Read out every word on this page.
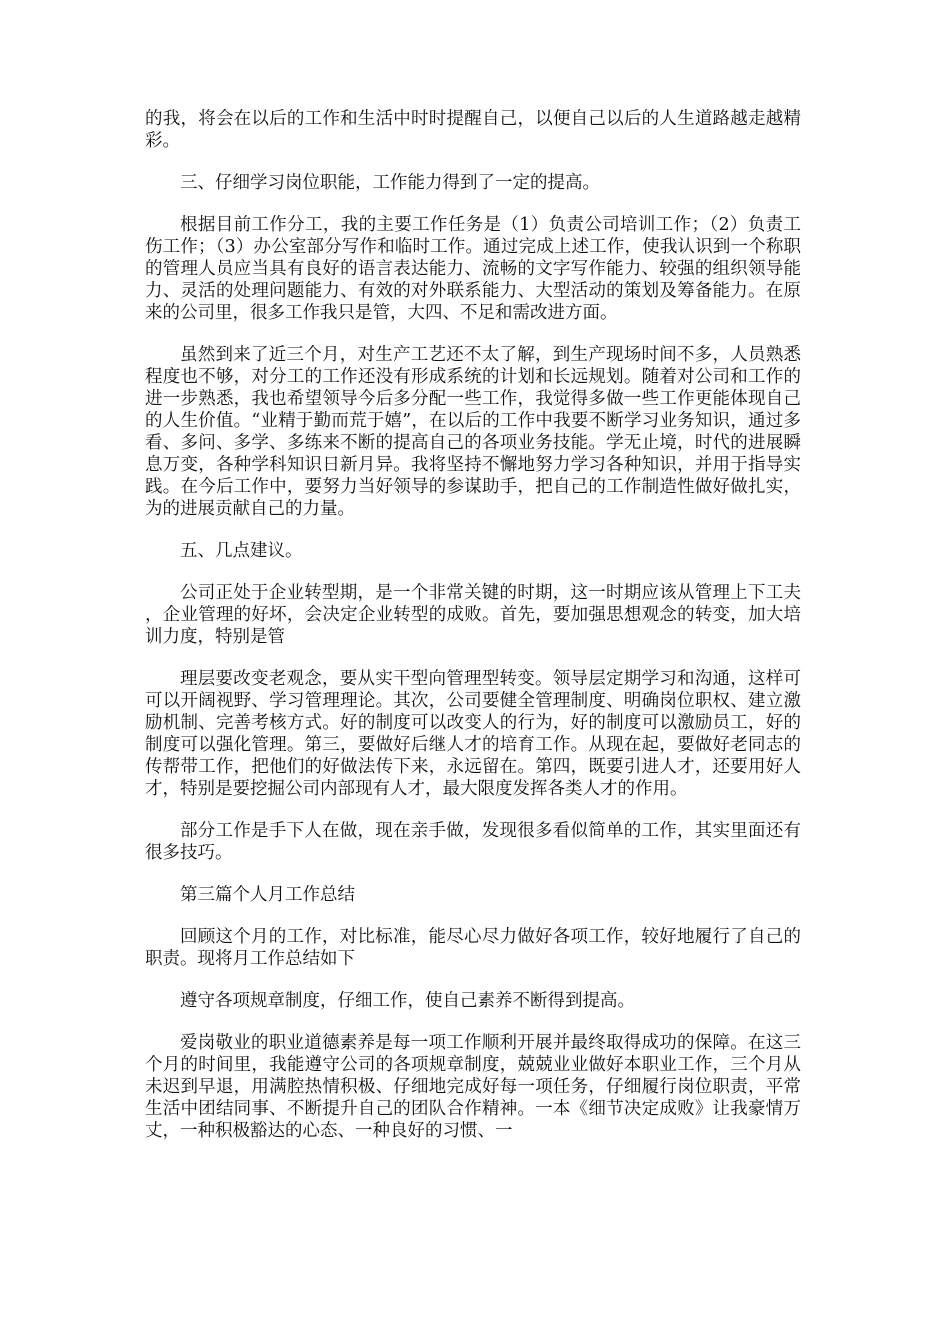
的我，将会在以后的工作和生活中时时提醒自己，以便自己以后的人生道路越走越精彩。

三、仔细学习岗位职能，工作能力得到了一定的提高。

根据目前工作分工，我的主要工作任务是（1）负责公司培训工作；（2）负责工伤工作；（3）办公室部分写作和临时工作。通过完成上述工作，使我认识到一个称职的管理人员应当具有良好的语言表达能力、流畅的文字写作能力、较强的组织领导能力、灵活的处理问题能力、有效的对外联系能力、大型活动的策划及筹备能力。在原来的公司里，很多工作我只是管，大四、不足和需改进方面。

虽然到来了近三个月，对生产工艺还不太了解，到生产现场时间不多，人员熟悉程度也不够，对分工的工作还没有形成系统的计划和长远规划。随着对公司和工作的进一步熟悉，我也希望领导今后多分配一些工作，我觉得多做一些工作更能体现自己的人生价值。“业精于勤而荒于嬉”，在以后的工作中我要不断学习业务知识，通过多看、多问、多学、多练来不断的提高自己的各项业务技能。学无止境，时代的进展瞬息万变，各种学科知识日新月异。我将坚持不懈地努力学习各种知识，并用于指导实践。在今后工作中，要努力当好领导的参谋助手，把自己的工作制造性做好做扎实，为的进展贡献自己的力量。

五、几点建议。

公司正处于企业转型期，是一个非常关键的时期，这一时期应该从管理上下工夫，企业管理的好坏，会决定企业转型的成败。首先，要加强思想观念的转变，加大培训力度，特别是管

理层要改变老观念，要从实干型向管理型转变。领导层定期学习和沟通，这样可可以开阔视野、学习管理理论。其次，公司要健全管理制度、明确岗位职权、建立激励机制、完善考核方式。好的制度可以改变人的行为，好的制度可以激励员工，好的制度可以强化管理。第三，要做好后继人才的培育工作。从现在起，要做好老同志的传帮带工作，把他们的好做法传下来，永远留在。第四，既要引进人才，还要用好人才，特别是要挖掘公司内部现有人才，最大限度发挥各类人才的作用。

部分工作是手下人在做，现在亲手做，发现很多看似简单的工作，其实里面还有很多技巧。

第三篇个人月工作总结

回顾这个月的工作，对比标准，能尽心尽力做好各项工作，较好地履行了自己的职责。现将月工作总结如下

遵守各项规章制度，仔细工作，使自己素养不断得到提高。

爱岗敬业的职业道德素养是每一项工作顺利开展并最终取得成功的保障。在这三个月的时间里，我能遵守公司的各项规章制度，兢兢业业做好本职业工作，三个月从未迟到早退，用满腔热情积极、仔细地完成好每一项任务，仔细履行岗位职责，平常生活中团结同事、不断提升自己的团队合作精神。一本《细节决定成败》让我豪情万丈，一种积极豁达的心态、一种良好的习惯、一
